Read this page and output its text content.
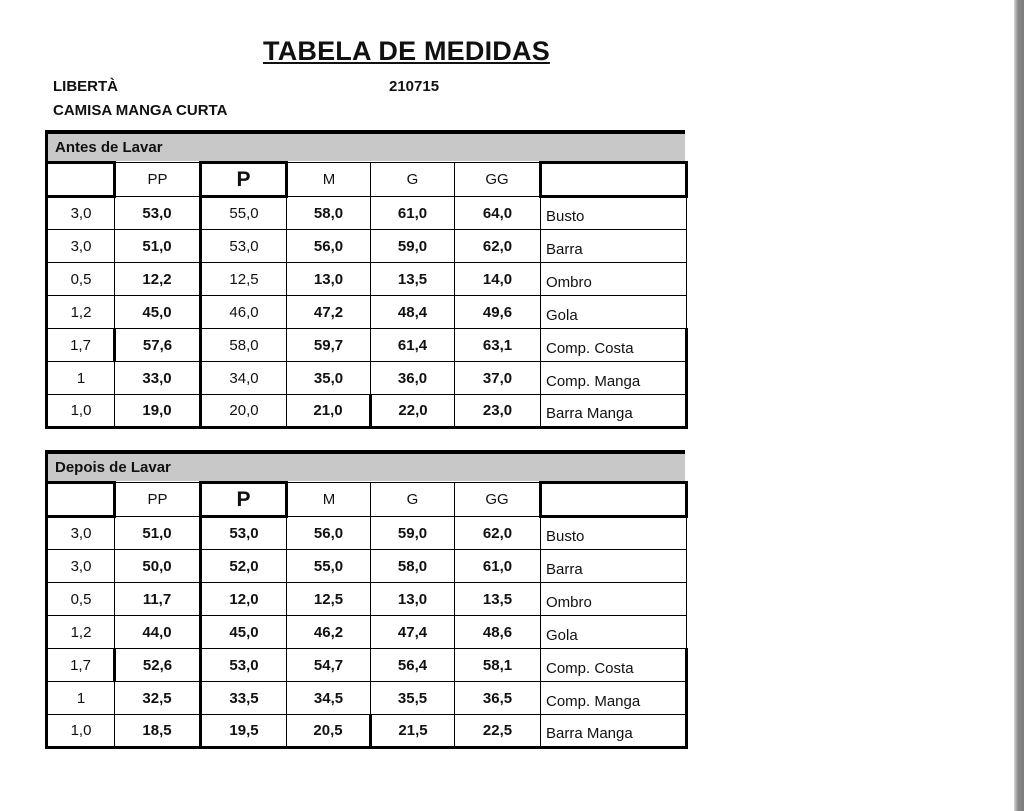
TABELA DE MEDIDAS
LIBERTÀ	210715
CAMISA MANGA CURTA
Antes de Lavar
	PP	P	M	G	GG	
3,0	53,0	55,0	58,0	61,0	64,0	Busto
3,0	51,0	53,0	56,0	59,0	62,0	Barra
0,5	12,2	12,5	13,0	13,5	14,0	Ombro
1,2	45,0	46,0	47,2	48,4	49,6	Gola
1,7	57,6	58,0	59,7	61,4	63,1	Comp. Costa
1	33,0	34,0	35,0	36,0	37,0	Comp. Manga
1,0	19,0	20,0	21,0	22,0	23,0	Barra Manga
Depois de Lavar
	PP	P	M	G	GG	
3,0	51,0	53,0	56,0	59,0	62,0	Busto
3,0	50,0	52,0	55,0	58,0	61,0	Barra
0,5	11,7	12,0	12,5	13,0	13,5	Ombro
1,2	44,0	45,0	46,2	47,4	48,6	Gola
1,7	52,6	53,0	54,7	56,4	58,1	Comp. Costa
1	32,5	33,5	34,5	35,5	36,5	Comp. Manga
1,0	18,5	19,5	20,5	21,5	22,5	Barra Manga
